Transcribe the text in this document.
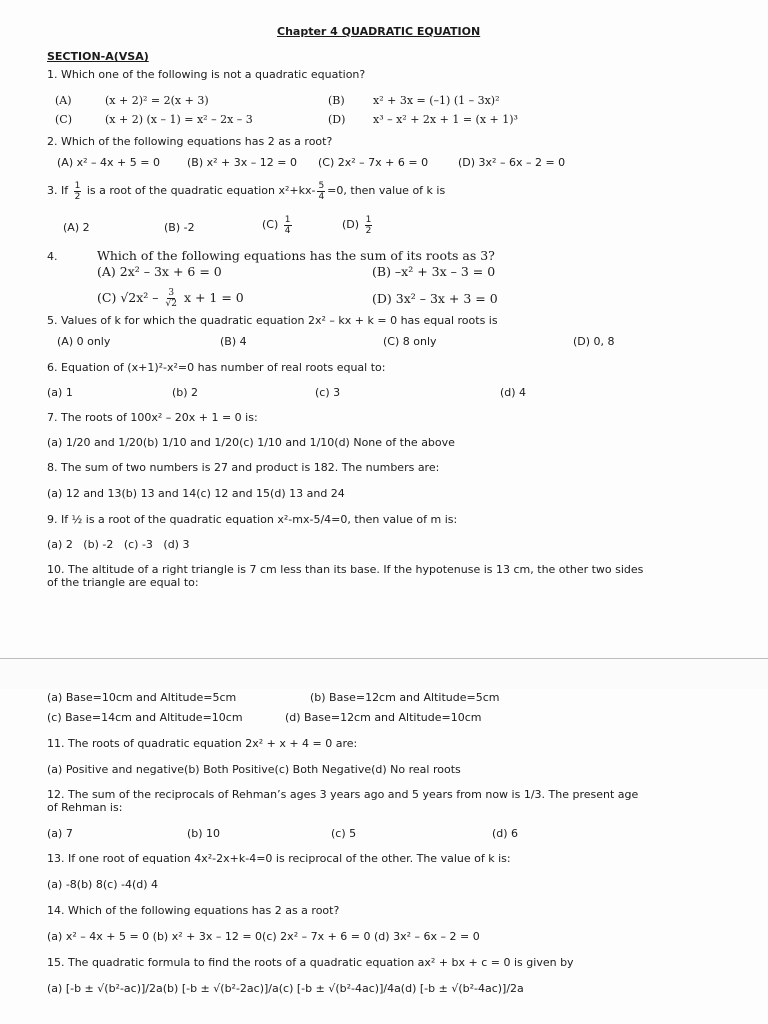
Chapter 4 QUADRATIC EQUATION
SECTION-A(VSA)
1. Which one of the following is not a quadratic equation?
(A)	(x + 2)² = 2(x + 3)	(B)	x² + 3x = (–1) (1 – 3x)²
(C)	(x + 2) (x – 1) = x² – 2x – 3	(D)	x³ – x² + 2x + 1 = (x + 1)³
2. Which of the following equations has 2 as a root?
(A) x² – 4x + 5 = 0 (B) x² + 3x – 12 = 0 (C) 2x² – 7x + 6 = 0	(D) 3x² – 6x – 2 = 0
3. If $\frac{1}{2}$ is a root of the quadratic equation $x^2+kx- \frac{5}{4} =0$, then value of k is
(A) 2	(B) -2	$(C) \frac{1}{4}$	$(D) \frac{1}{2}$
4.	Which of the following equations has the sum of its roots as 3?
(A) 2x² – 3x + 6 = 0	(B) –x² + 3x – 3 = 0
(C) $√2x^2 - \frac{3}{√2}$ x + 1 = 0	(D) 3x² – 3x + 3 = 0
5. Values of k for which the quadratic equation 2x² – kx + k = 0 has equal roots is
(A) 0 only	(B) 4	(C) 8 only	(D) 0, 8
6. Equation of (x+1)²-x²=0 has number of real roots equal to:
(a) 1	(b) 2	(c) 3	(d) 4
7. The roots of 100x² – 20x + 1 = 0 is:
(a) 1/20 and 1/20(b) 1/10 and 1/20(c) 1/10 and 1/10(d) None of the above
8. The sum of two numbers is 27 and product is 182. The numbers are:
(a) 12 and 13(b) 13 and 14(c) 12 and 15(d) 13 and 24
9. If ½ is a root of the quadratic equation x²-mx-5/4=0, then value of m is:
(a) 2   (b) -2   (c) -3   (d) 3
10. The altitude of a right triangle is 7 cm less than its base. If the hypotenuse is 13 cm, the other two sides
of the triangle are equal to:
(a) Base=10cm and Altitude=5cm	(b) Base=12cm and Altitude=5cm
(c) Base=14cm and Altitude=10cm	(d) Base=12cm and Altitude=10cm
11. The roots of quadratic equation 2x² + x + 4 = 0 are:
(a) Positive and negative(b) Both Positive(c) Both Negative(d) No real roots
12. The sum of the reciprocals of Rehman’s ages 3 years ago and 5 years from now is 1/3. The present age
of Rehman is:
(a) 7	(b) 10	(c) 5	(d) 6
13. If one root of equation 4x²-2x+k-4=0 is reciprocal of the other. The value of k is:
(a) -8(b) 8(c) -4(d) 4
14. Which of the following equations has 2 as a root?
(a) x² – 4x + 5 = 0 (b) x² + 3x – 12 = 0(c) 2x² – 7x + 6 = 0 (d) 3x² – 6x – 2 = 0
15. The quadratic formula to find the roots of a quadratic equation ax² + bx + c = 0 is given by
(a) [-b ± √(b²-ac)]/2a(b) [-b ± √(b²-2ac)]/a(c) [-b ± √(b²-4ac)]/4a(d) [-b ± √(b²-4ac)]/2a
